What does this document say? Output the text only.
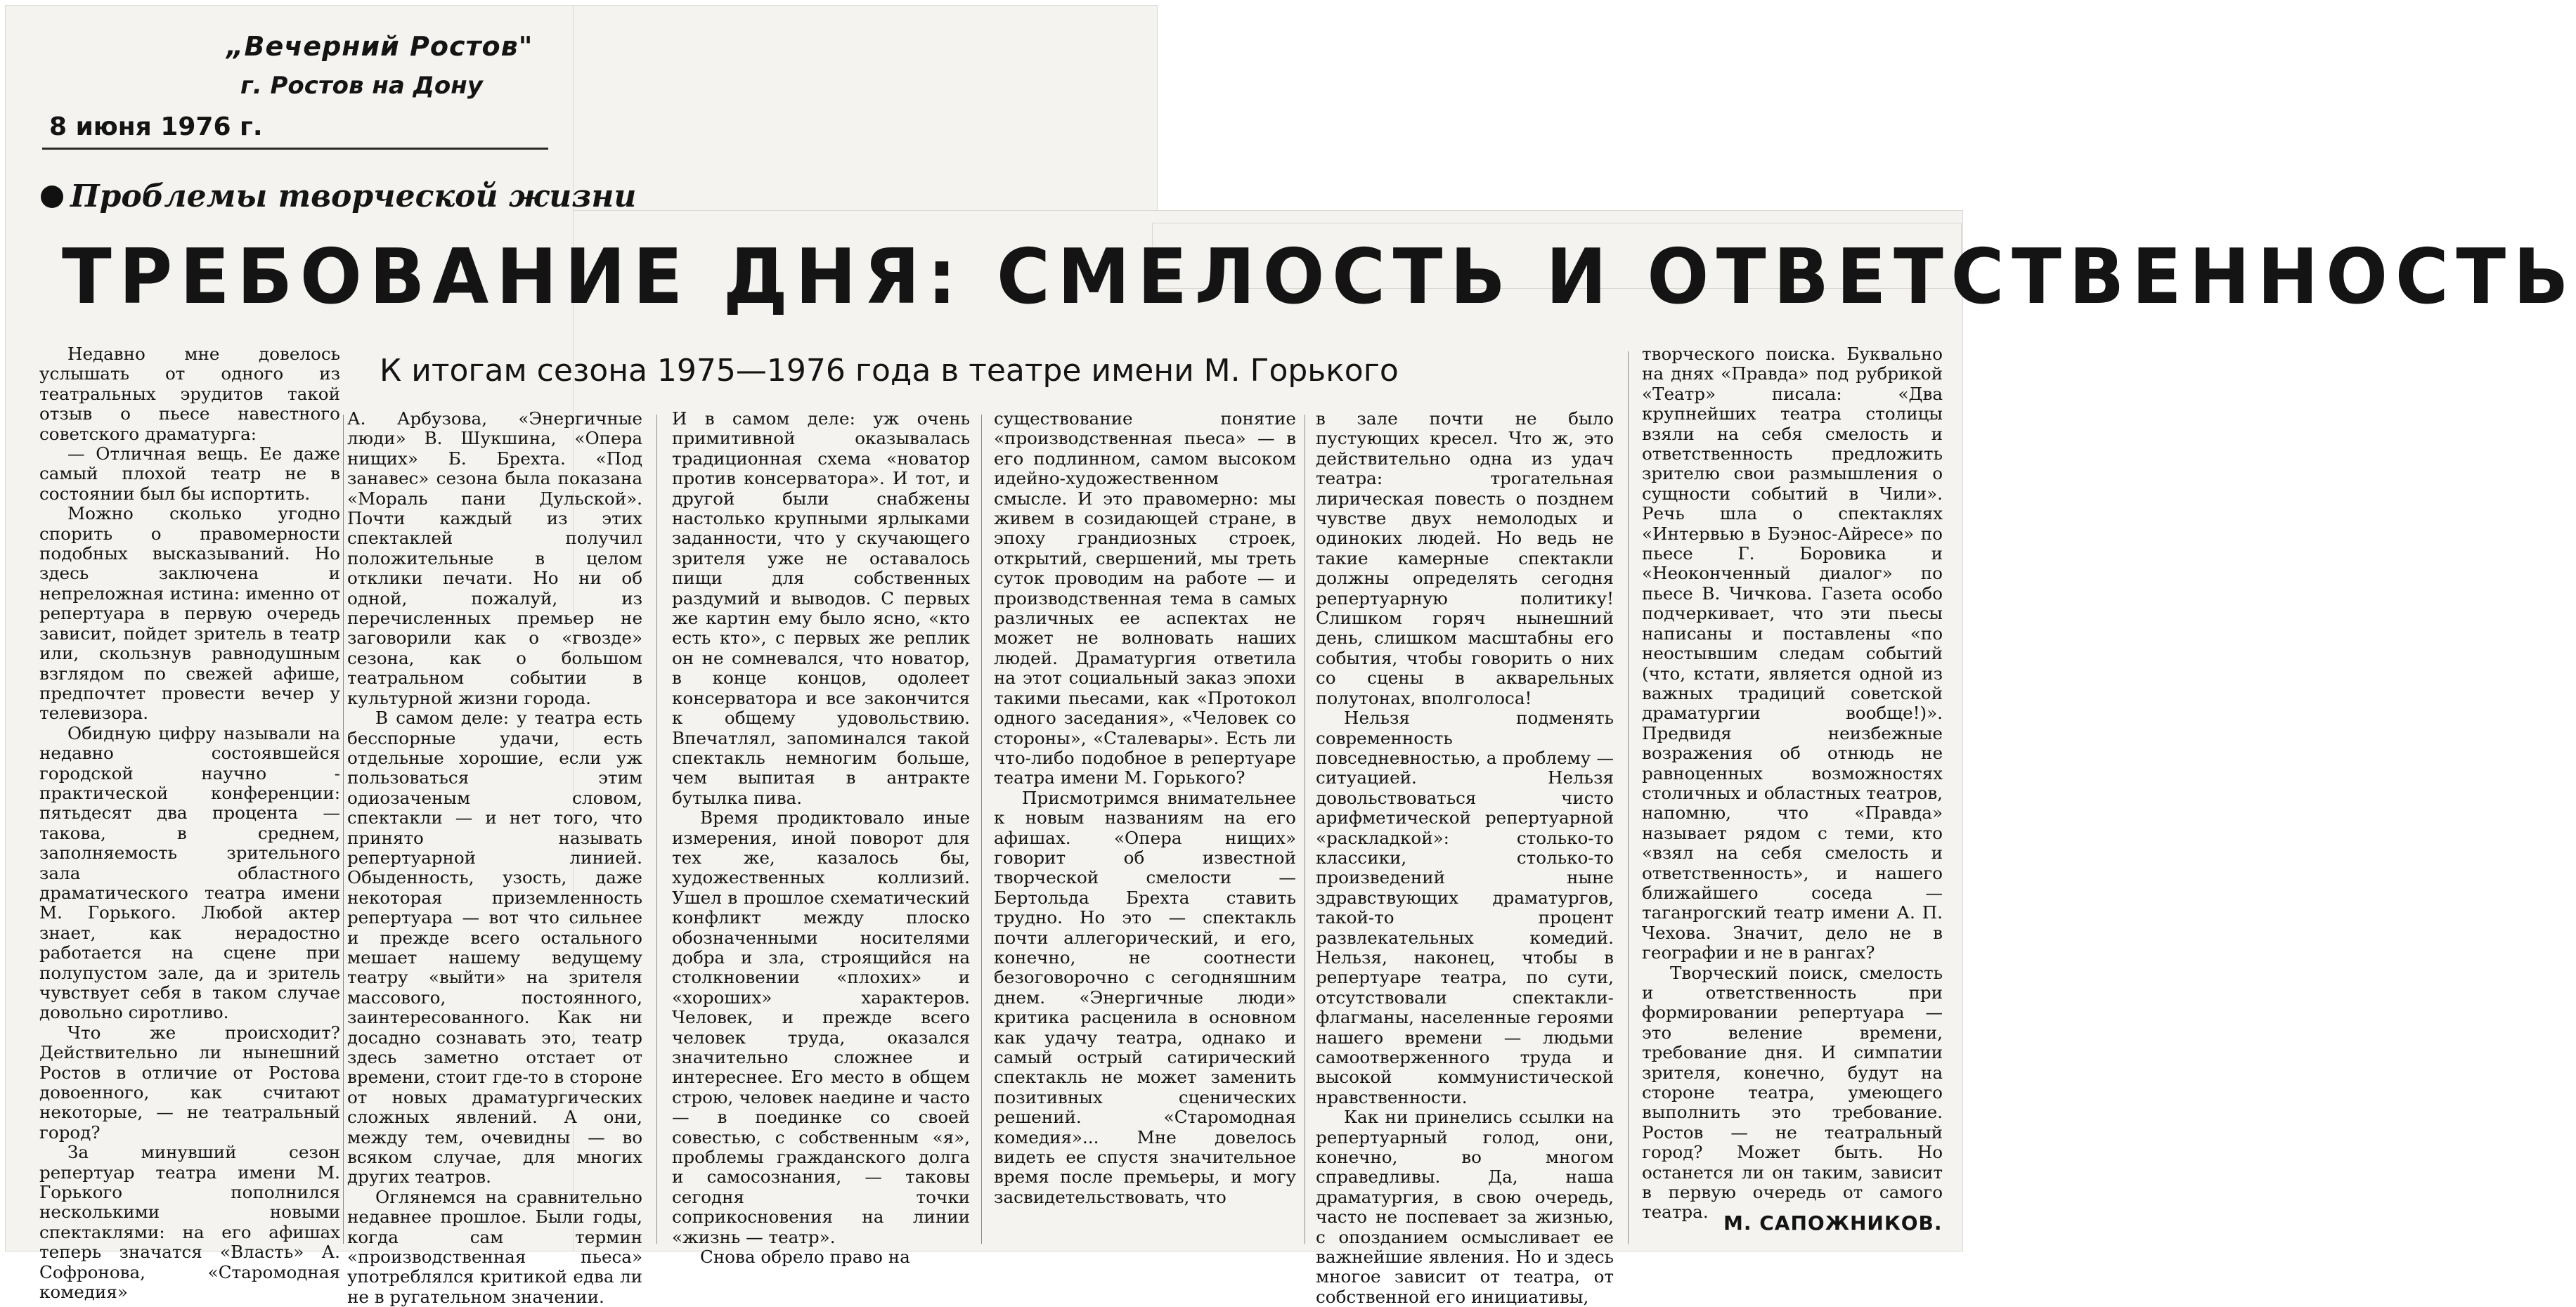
„Вечерний Ростов"
г. Ростов на Дону
8 июня 1976 г.
Проблемы творческой жизни
ТРЕБОВАНИЕ ДНЯ: СМЕЛОСТЬ И ОТВЕТСТВЕННОСТЬ
К итогам сезона 1975—1976 года в театре имени М. Горького

Недавно мне довелось услышать от одного из театральных эрудитов такой отзыв о пьесе навестного советского драматурга:

— Отличная вещь. Ее даже самый плохой театр не в состоянии был бы испортить.

Можно сколько угодно спорить о правомерности подобных высказываний. Но здесь заключена и непреложная истина: именно от репертуара в первую очередь зависит, пойдет зритель в театр или, скользнув равнодушным взглядом по свежей афише, предпочтет провести вечер у телевизора.

Обидную цифру называли на недавно состоявшейся городской научно - практической конференции: пятьдесят два процента — такова, в среднем, заполняемость зрительного зала областного драматического театра имени М. Горького. Любой актер знает, как нерадостно работается на сцене при полупустом зале, да и зритель чувствует себя в таком случае довольно сиротливо.

Что же происходит? Действительно ли нынешний Ростов в отличие от Ростова довоенного, как считают некоторые, — не театральный город?

За минувший сезон репертуар театра имени М. Горького пополнился несколькими новыми спектаклями: на его афишах теперь значатся «Власть» А. Софронова, «Старомодная комедия»

А. Арбузова, «Энергичные люди» В. Шукшина, «Опера нищих» Б. Брехта. «Под занавес» сезона была показана «Мораль пани Дульской». Почти каждый из этих спектаклей получил положительные в целом отклики печати. Но ни об одной, пожалуй, из перечисленных премьер не заговорили как о «гвозде» сезона, как о большом театральном событии в культурной жизни города.

В самом деле: у театра есть бесспорные удачи, есть отдельные хорошие, если уж пользоваться этим одиозаченым словом, спектакли — и нет того, что принято называть репертуарной линией. Обыденность, узость, даже некоторая приземленность репертуара — вот что сильнее и прежде всего остального мешает нашему ведущему театру «выйти» на зрителя массового, постоянного, заинтересованного. Как ни досадно сознавать это, театр здесь заметно отстает от времени, стоит где-то в стороне от новых драматургических сложных явлений. А они, между тем, очевидны — во всяком случае, для многих других театров.

Оглянемся на сравнительно недавнее прошлое. Были годы, когда сам термин «производственная пьеса» употреблялся критикой едва ли не в ругательном значении.

И в самом деле: уж очень примитивной оказывалась традиционная схема «новатор против консерватора». И тот, и другой были снабжены настолько крупными ярлыками заданности, что у скучающего зрителя уже не оставалось пищи для собственных раздумий и выводов. С первых же картин ему было ясно, «кто есть кто», с первых же реплик он не сомневался, что новатор, в конце концов, одолеет консерватора и все закончится к общему удовольствию. Впечатлял, запоминался такой спектакль немногим больше, чем выпитая в антракте бутылка пива.

Время продиктовало иные измерения, иной поворот для тех же, казалось бы, художественных коллизий. Ушел в прошлое схематический конфликт между плоско обозначенными носителями добра и зла, строящийся на столкновении «плохих» и «хороших» характеров. Человек, и прежде всего человек труда, оказался значительно сложнее и интереснее. Его место в общем строю, человек наедине и часто — в поединке со своей совестью, с собственным «я», проблемы гражданского долга и самосознания, — таковы сегодня точки соприкосновения на линии «жизнь — театр».

Снова обрело право на

существование понятие «производственная пьеса» — в его подлинном, самом высоком идейно-художественном смысле. И это правомерно: мы живем в созидающей стране, в эпоху грандиозных строек, открытий, свершений, мы треть суток проводим на работе — и производственная тема в самых различных ее аспектах не может не волновать наших людей. Драматургия ответила на этот социальный заказ эпохи такими пьесами, как «Протокол одного заседания», «Человек со стороны», «Сталевары». Есть ли что-либо подобное в репертуаре театра имени М. Горького?

Присмотримся внимательнее к новым названиям на его афишах. «Опера нищих» говорит об известной творческой смелости — Бертольда Брехта ставить трудно. Но это — спектакль почти аллегорический, и его, конечно, не соотнести безоговорочно с сегодняшним днем. «Энергичные люди» критика расценила в основном как удачу театра, однако и самый острый сатирический спектакль не может заменить позитивных сценических решений. «Старомодная комедия»... Мне довелось видеть ее спустя значительное время после премьеры, и могу засвидетельствовать, что

в зале почти не было пустующих кресел. Что ж, это действительно одна из удач театра: трогательная лирическая повесть о позднем чувстве двух немолодых и одиноких людей. Но ведь не такие камерные спектакли должны определять сегодня репертуарную политику! Слишком горяч нынешний день, слишком масштабны его события, чтобы говорить о них со сцены в акварельных полутонах, вполголоса!

Нельзя подменять современность повседневностью, а проблему — ситуацией. Нельзя довольствоваться чисто арифметической репертуарной «раскладкой»: столько-то классики, столько-то произведений ныне здравствующих драматургов, такой-то процент развлекательных комедий. Нельзя, наконец, чтобы в репертуаре театра, по сути, отсутствовали спектакли-флагманы, населенные героями нашего времени — людьми самоотверженного труда и высокой коммунистической нравственности.

Как ни принелись ссылки на репертуарный голод, они, конечно, во многом справедливы. Да, наша драматургия, в свою очередь, часто не поспевает за жизнью, с опозданием осмысливает ее важнейшие явления. Но и здесь многое зависит от театра, от собственной его инициативы,

творческого поиска. Буквально на днях «Правда» под рубрикой «Театр» писала: «Два крупнейших театра столицы взяли на себя смелость и ответственность предложить зрителю свои размышления о сущности событий в Чили». Речь шла о спектаклях «Интервью в Буэнос-Айресе» по пьесе Г. Боровика и «Неоконченный диалог» по пьесе В. Чичкова. Газета особо подчеркивает, что эти пьесы написаны и поставлены «по неостывшим следам событий (что, кстати, является одной из важных традиций советской драматургии вообще!)». Предвидя неизбежные возражения об отнюдь не равноценных возможностях столичных и областных театров, напомню, что «Правда» называет рядом с теми, кто «взял на себя смелость и ответственность», и нашего ближайшего соседа — таганрогский театр имени А. П. Чехова. Значит, дело не в географии и не в рангах?

Творческий поиск, смелость и ответственность при формировании репертуара — это веление времени, требование дня. И симпатии зрителя, конечно, будут на стороне театра, умеющего выполнить это требование. Ростов — не театральный город? Может быть. Но останется ли он таким, зависит в первую очередь от самого театра. М. САПОЖНИКОВ.
